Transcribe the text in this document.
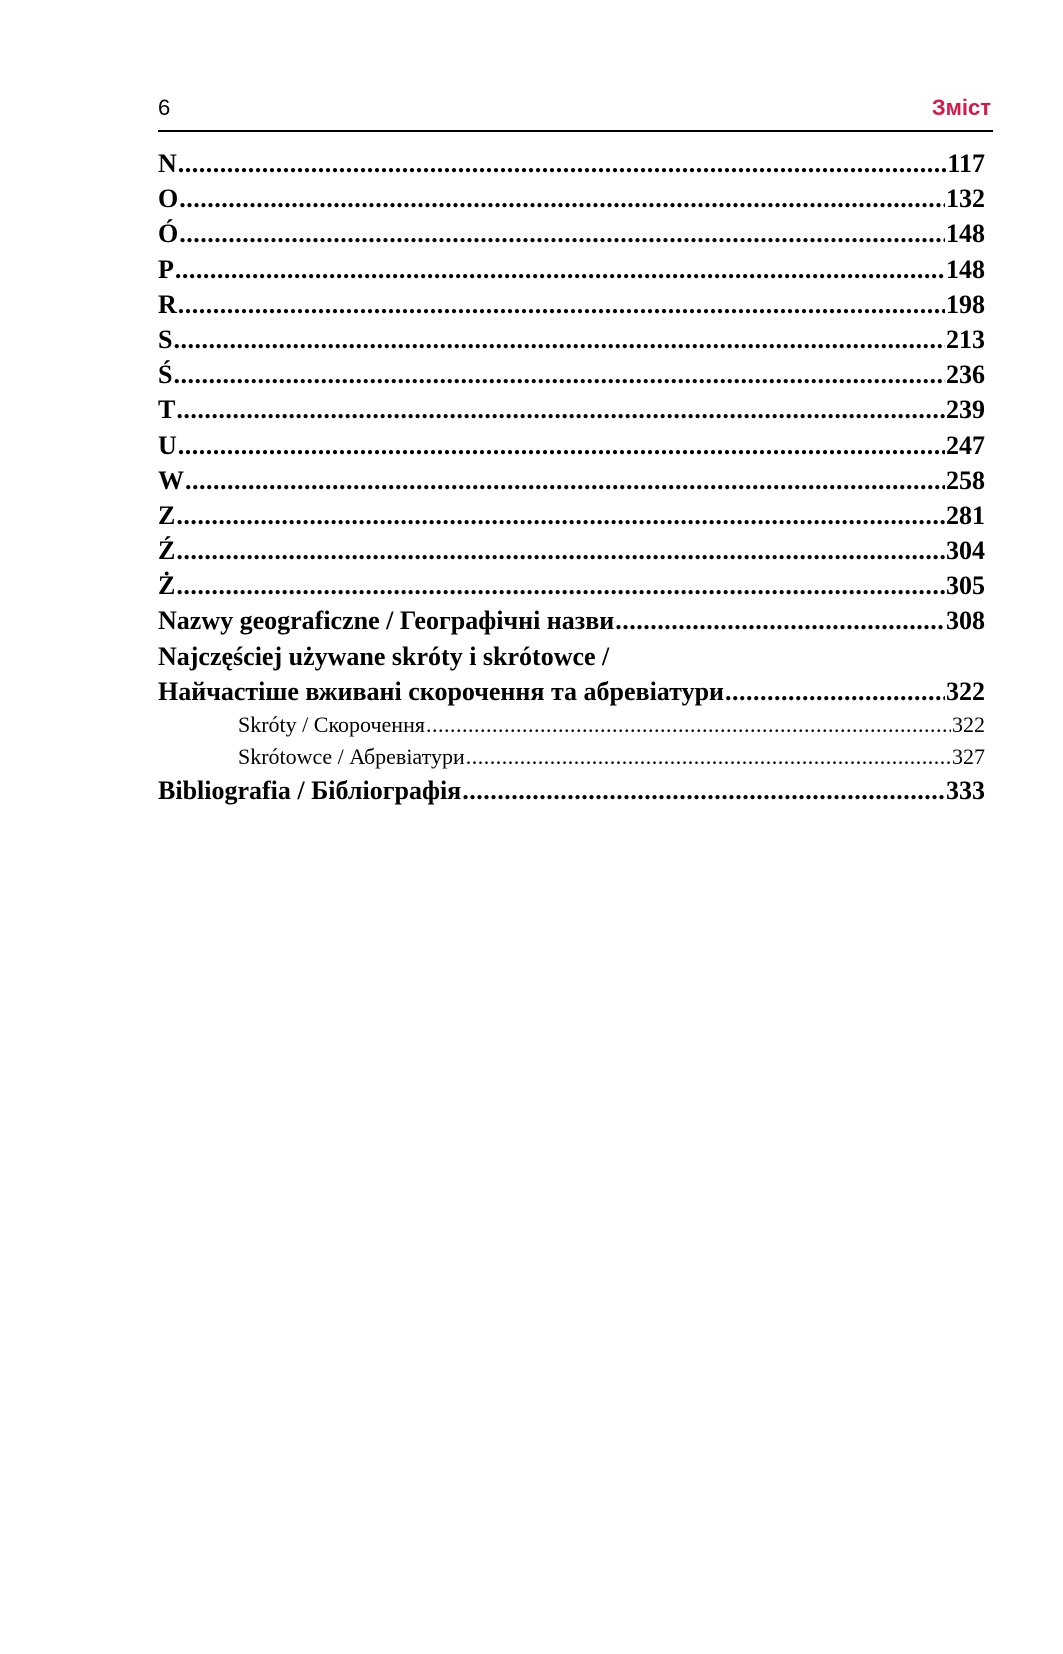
6	Зміст
N .....	117
O .....	132
Ó .....	148
P .....	148
R .....	198
S .....	213
Ś .....	236
T .....	239
U .....	247
W .....	258
Z .....	281
Ź .....	304
Ż .....	305
Nazwy geograficzne / Географічні назви .....	308
Najczęściej używane skróty i skrótowce /
Найчастіше вживані скорочення та абревіатури .....	322
Skróty / Скорочення .....	322
Skrótowce / Абревіатури .....	327
Bibliografia / Бібліографія .....	333
